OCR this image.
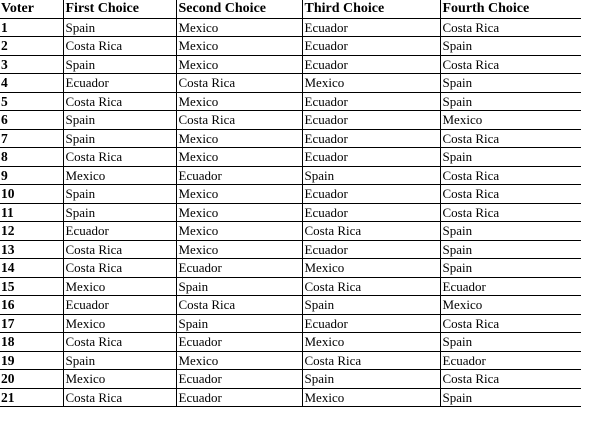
Voter	First Choice	Second Choice	Third Choice	Fourth Choice
1	Spain	Mexico	Ecuador	Costa Rica
2	Costa Rica	Mexico	Ecuador	Spain
3	Spain	Mexico	Ecuador	Costa Rica
4	Ecuador	Costa Rica	Mexico	Spain
5	Costa Rica	Mexico	Ecuador	Spain
6	Spain	Costa Rica	Ecuador	Mexico
7	Spain	Mexico	Ecuador	Costa Rica
8	Costa Rica	Mexico	Ecuador	Spain
9	Mexico	Ecuador	Spain	Costa Rica
10	Spain	Mexico	Ecuador	Costa Rica
11	Spain	Mexico	Ecuador	Costa Rica
12	Ecuador	Mexico	Costa Rica	Spain
13	Costa Rica	Mexico	Ecuador	Spain
14	Costa Rica	Ecuador	Mexico	Spain
15	Mexico	Spain	Costa Rica	Ecuador
16	Ecuador	Costa Rica	Spain	Mexico
17	Mexico	Spain	Ecuador	Costa Rica
18	Costa Rica	Ecuador	Mexico	Spain
19	Spain	Mexico	Costa Rica	Ecuador
20	Mexico	Ecuador	Spain	Costa Rica
21	Costa Rica	Ecuador	Mexico	Spain
